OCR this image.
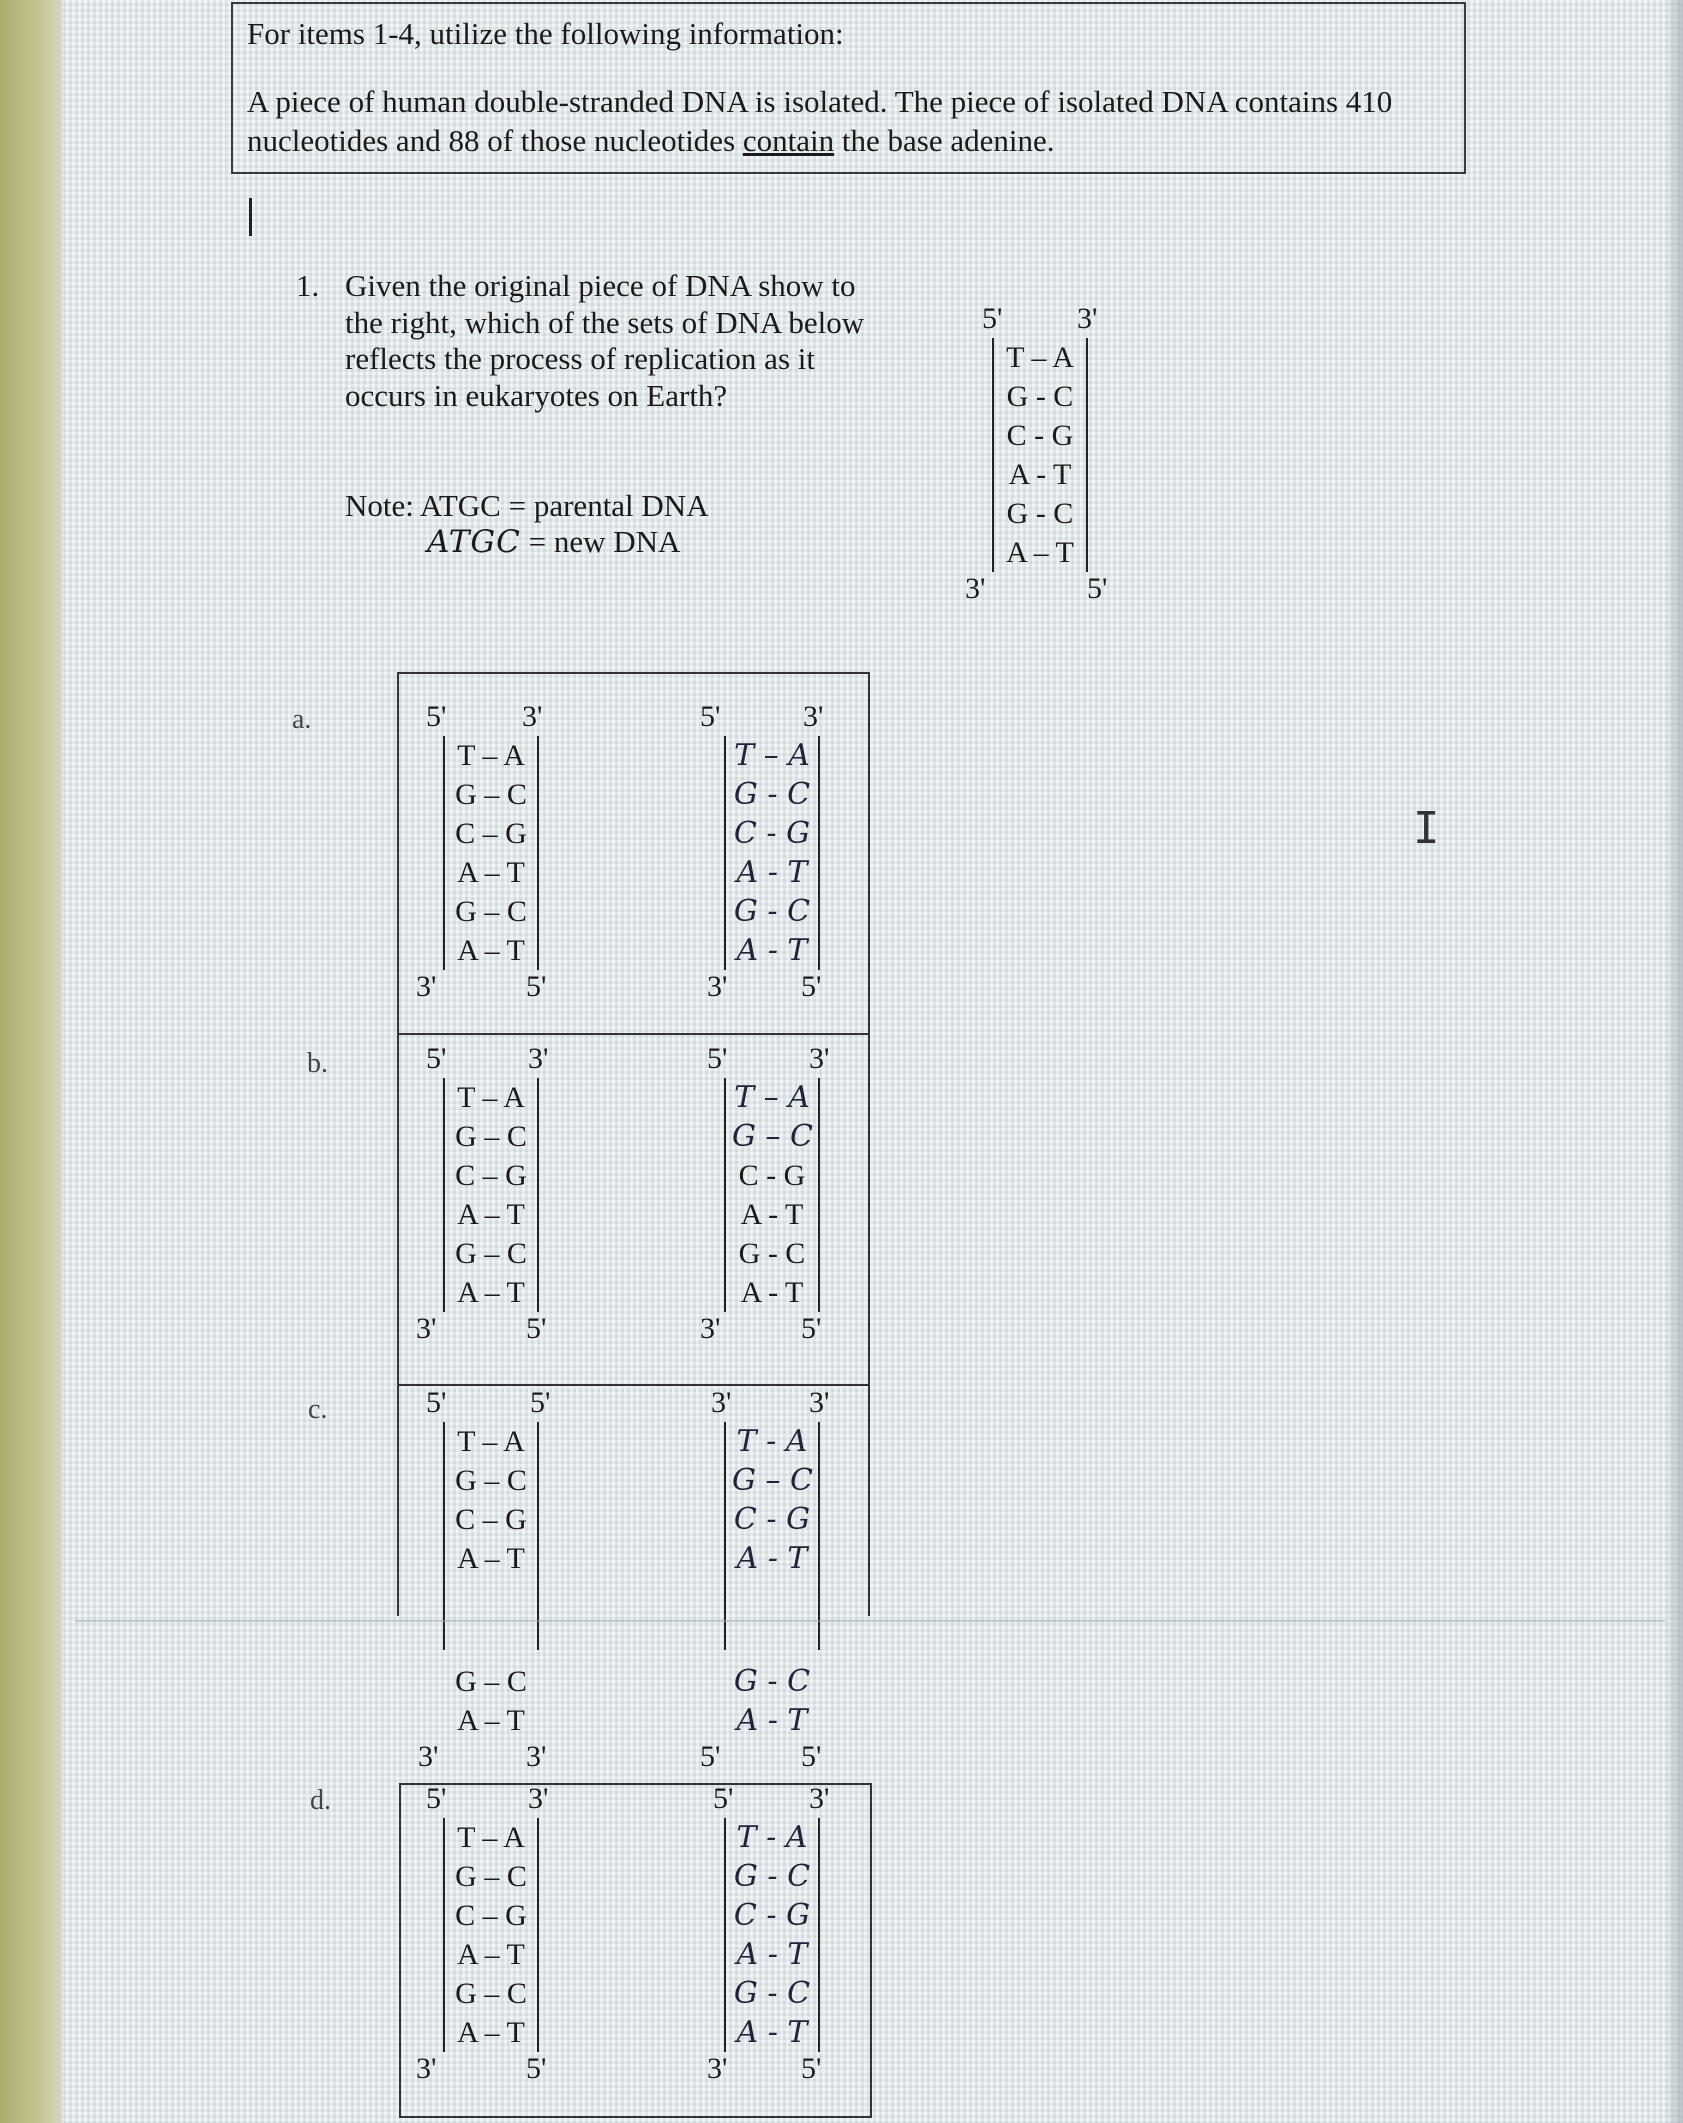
For items 1-4, utilize the following information:
A piece of human double-stranded DNA is isolated. The piece of isolated DNA contains 410 nucleotides and 88 of those nucleotides contain the base adenine.
1. Given the original piece of DNA show to the right, which of the sets of DNA below reflects the process of replication as it occurs in eukaryotes on Earth?
Note: ATGC = parental DNA
ATGC = new DNA
5' 3'
T – A
G - C
C - G
A - T
G - C
A – T
3'	5'
a.
b.
c.
d.
5'	3'
T – A
G – C
C – G
A – T
G – C
A – T
3'	5'
5'	3'
T – A
G - C
C - G
A - T
G - C
A - T
3' 5'
5'	3'
T – A
G – C
C – G
A – T
G – C
A – T
3'	5'
5'	3'
T – A
G – C
C - G
A - T
G - C
A - T
3'	5'
5'	5'
T – A
G – C
C – G
A – T
G – C
A – T
3'	3'
3'	3'
T - A
G – C
C - G
A - T
G - C
A - T
5'	5'
5'	3'
T – A
G – C
C – G
A – T
G – C
A – T
3'	5'
5'	3'
T - A
G - C
C - G
A - T
G - C
A - T
3' 5'
I
